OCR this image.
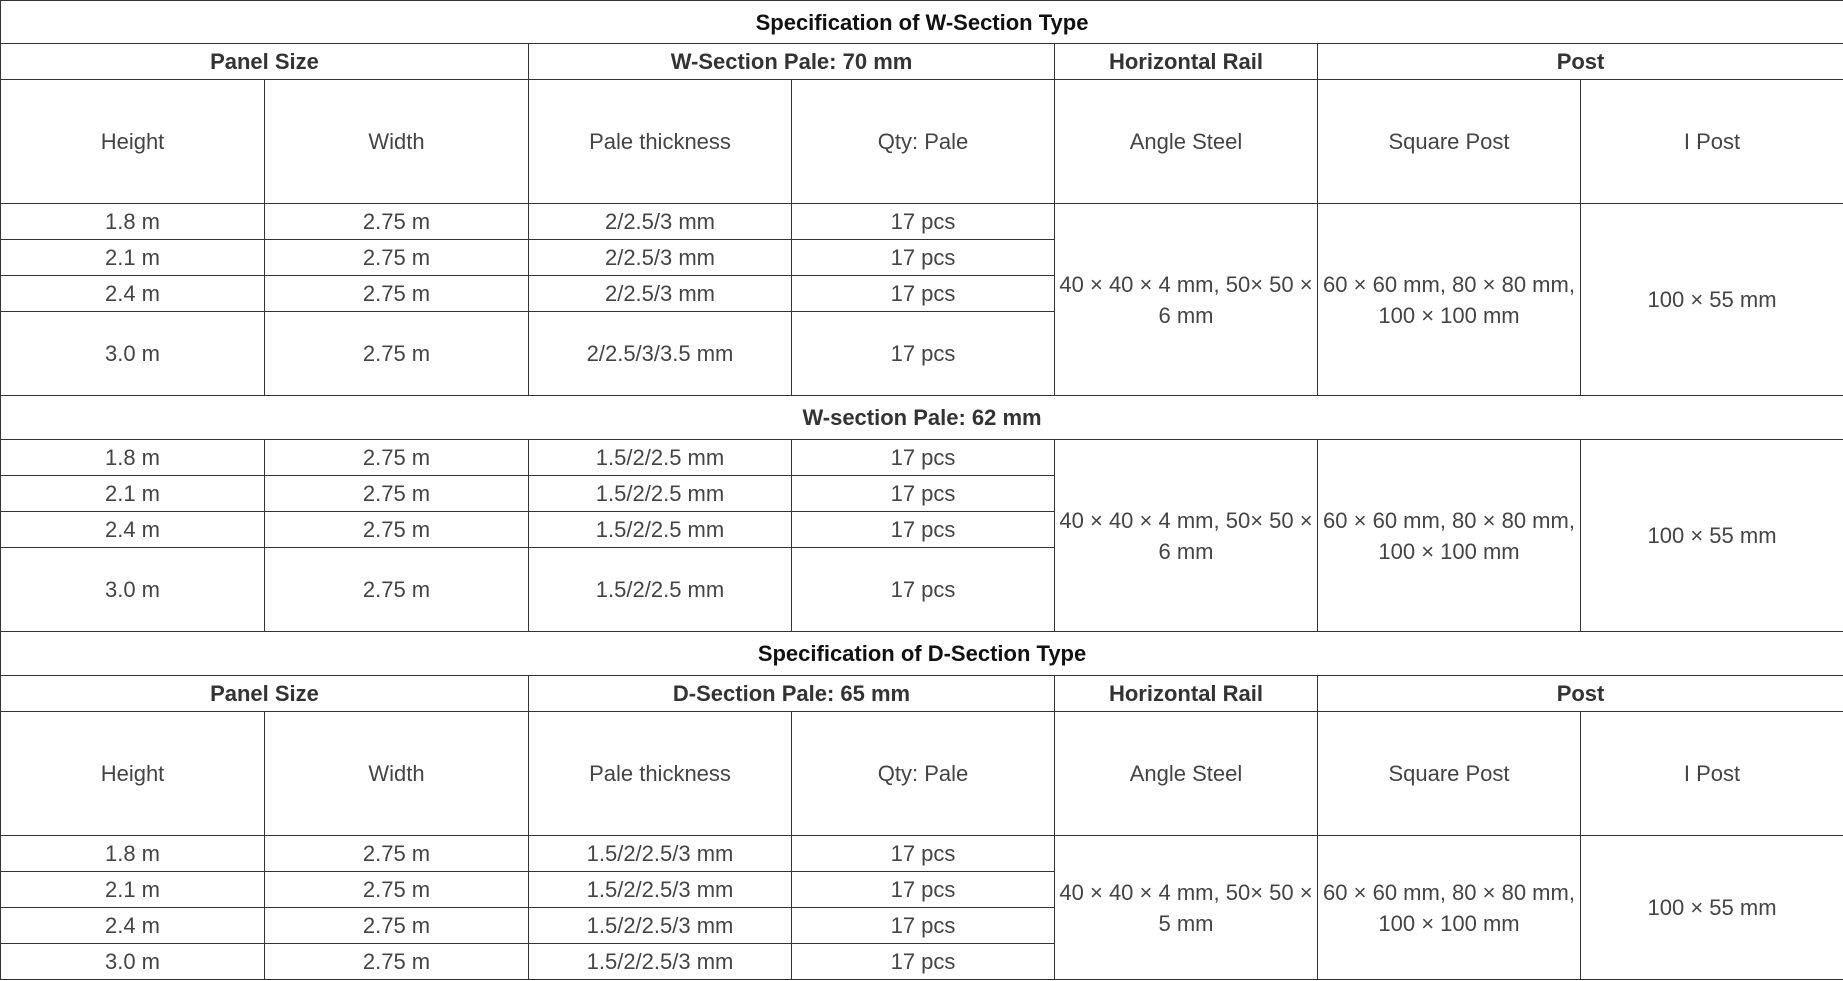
Specification of W-Section Type						
Panel Size		W-Section Pale: 70 mm		Horizontal Rail	Post	
Height	Width	Pale thickness	Qty: Pale	Angle Steel	Square Post	I Post
1.8 m	2.75 m	2/2.5/3 mm	17 pcs	40 × 40 × 4 mm, 50× 50 × 6 mm	60 × 60 mm, 80 × 80 mm, 100 × 100 mm	100 × 55 mm
2.1 m	2.75 m	2/2.5/3 mm	17 pcs			
2.4 m	2.75 m	2/2.5/3 mm	17 pcs			
3.0 m	2.75 m	2/2.5/3/3.5 mm	17 pcs			
W-section Pale: 62 mm						
1.8 m	2.75 m	1.5/2/2.5 mm	17 pcs	40 × 40 × 4 mm, 50× 50 × 6 mm	60 × 60 mm, 80 × 80 mm, 100 × 100 mm	100 × 55 mm
2.1 m	2.75 m	1.5/2/2.5 mm	17 pcs			
2.4 m	2.75 m	1.5/2/2.5 mm	17 pcs			
3.0 m	2.75 m	1.5/2/2.5 mm	17 pcs			
Specification of D-Section Type						
Panel Size		D-Section Pale: 65 mm		Horizontal Rail	Post	
Height	Width	Pale thickness	Qty: Pale	Angle Steel	Square Post	I Post
1.8 m	2.75 m	1.5/2/2.5/3 mm	17 pcs	40 × 40 × 4 mm, 50× 50 × 5 mm	60 × 60 mm, 80 × 80 mm, 100 × 100 mm	100 × 55 mm
2.1 m	2.75 m	1.5/2/2.5/3 mm	17 pcs			
2.4 m	2.75 m	1.5/2/2.5/3 mm	17 pcs			
3.0 m	2.75 m	1.5/2/2.5/3 mm	17 pcs			
